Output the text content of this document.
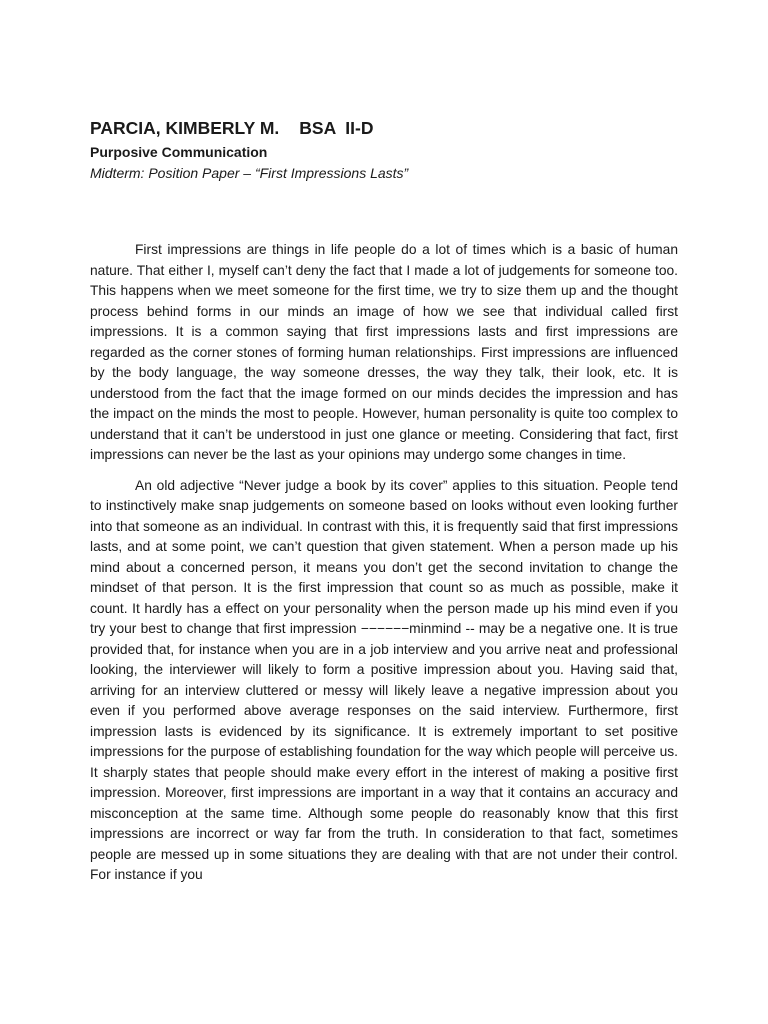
PARCIA, KIMBERLY M. BSA  II-D

Purposive Communication

Midterm: Position Paper – “First Impressions Lasts”

First impressions are things in life people do a lot of times which is a basic of human nature. That either I, myself can’t deny the fact that I made a lot of judgements for someone too. This happens when we meet someone for the first time, we try to size them up and the thought process behind forms in our minds an image of how we see that individual called first impressions. It is a common saying that first impressions lasts and first impressions are regarded as the corner stones of forming human relationships. First impressions are influenced by the body language, the way someone dresses, the way they talk, their look, etc. It is understood from the fact that the image formed on our minds decides the impression and has the impact on the minds the most to people. However, human personality is quite too complex to understand that it can’t be understood in just one glance or meeting. Considering that fact, first impressions can never be the last as your opinions may undergo some changes in time.

An old adjective “Never judge a book by its cover” applies to this situation. People tend to instinctively make snap judgements on someone based on looks without even looking further into that someone as an individual. In contrast with this, it is frequently said that first impressions lasts, and at some point, we can’t question that given statement. When a person made up his mind about a concerned person, it means you don’t get the second invitation to change the mindset of that person. It is the first impression that count so as much as possible, make it count. It hardly has a effect on your personality when the person made up his mind even if you try your best to change that first impression −−−−−−minmind -- may be a negative one. It is true provided that, for instance when you are in a job interview and you arrive neat and professional looking, the interviewer will likely to form a positive impression about you. Having said that, arriving for an interview cluttered or messy will likely leave a negative impression about you even if you performed above average responses on the said interview. Furthermore, first impression lasts is evidenced by its significance. It is extremely important to set positive impressions for the purpose of establishing foundation for the way which people will perceive us. It sharply states that people should make every effort in the interest of making a positive first impression. Moreover, first impressions are important in a way that it contains an accuracy and misconception at the same time. Although some people do reasonably know that this first impressions are incorrect or way far from the truth. In consideration to that fact, sometimes people are messed up in some situations they are dealing with that are not under their control. For instance if you
